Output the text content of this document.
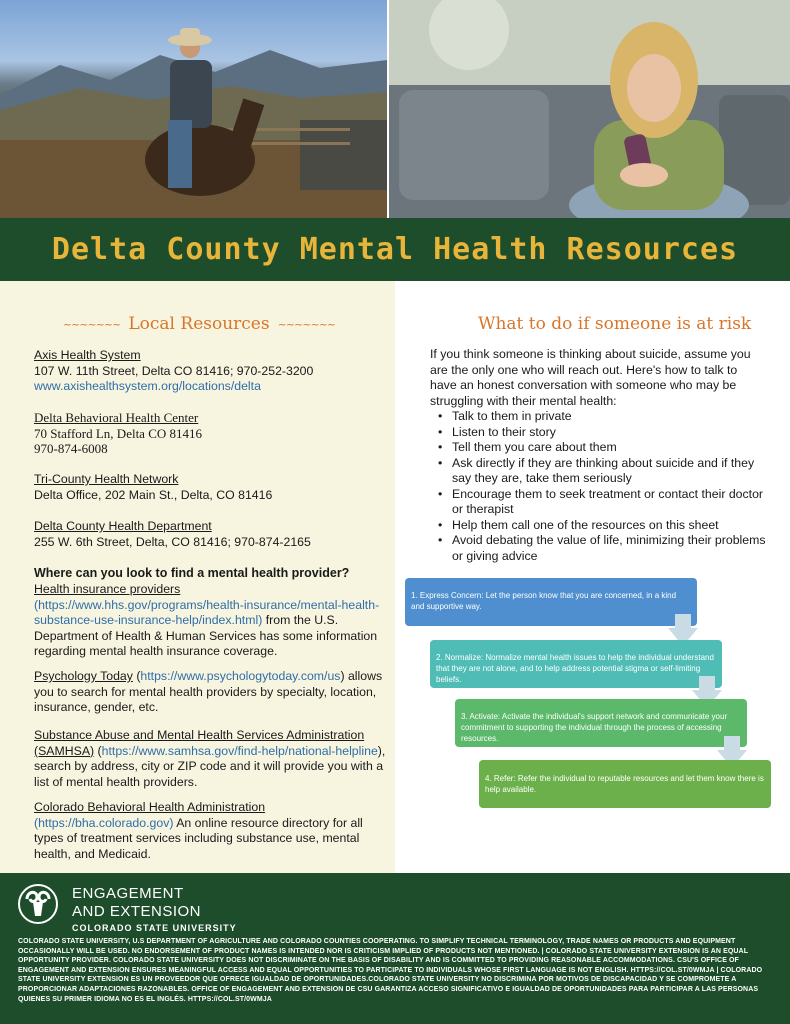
Delta County Mental Health Resources
~~~~~~~ Local Resources ~~~~~~~
Axis Health System
107 W. 11th Street, Delta CO 81416; 970-252-3200
www.axishealthsystem.org/locations/delta
Delta Behavioral Health Center
70 Stafford Ln, Delta CO 81416
970-874-6008
Tri-County Health Network
Delta Office, 202 Main St., Delta, CO 81416
Delta County Health Department
255 W. 6th Street, Delta, CO 81416; 970-874-2165
Where can you look to find a mental health provider?
Health insurance providers
(https://www.hhs.gov/programs/health-insurance/mental-health-substance-use-insurance-help/index.html) from the U.S. Department of Health & Human Services has some information regarding mental health insurance coverage.
Psychology Today (https://www.psychologytoday.com/us) allows you to search for mental health providers by specialty, location, insurance, gender, etc.
Substance Abuse and Mental Health Services Administration (SAMHSA) (https://www.samhsa.gov/find-help/national-helpline), search by address, city or ZIP code and it will provide you with a list of mental health providers.
Colorado Behavioral Health Administration
(https://bha.colorado.gov) An online resource directory for all types of treatment services including substance use, mental health, and Medicaid.
What to do if someone is at risk
If you think someone is thinking about suicide, assume you are the only one who will reach out. Here's how to talk to have an honest conversation with someone who may be struggling with their mental health:
• Talk to them in private
• Listen to their story
• Tell them you care about them
• Ask directly if they are thinking about suicide and if they say they are, take them seriously
• Encourage them to seek treatment or contact their doctor or therapist
• Help them call one of the resources on this sheet
• Avoid debating the value of life, minimizing their problems or giving advice
1. Express Concern: Let the person know that you are concerned, in a kind and supportive way.
2. Normalize: Normalize mental health issues to help the individual understand that they are not alone, and to help address potential stigma or self-limiting beliefs.
3. Activate: Activate the individual's support network and communicate your commitment to supporting the individual through the process of accessing resources.
4. Refer: Refer the individual to reputable resources and let them know there is help available.
ENGAGEMENT
AND EXTENSION
COLORADO STATE UNIVERSITY
COLORADO STATE UNIVERSITY, U.S DEPARTMENT OF AGRICULTURE AND COLORADO COUNTIES COOPERATING. TO SIMPLIFY TECHNICAL TERMINOLOGY, TRADE NAMES OR PRODUCTS AND EQUIPMENT OCCASIONALLY WILL BE USED. NO ENDORSEMENT OF PRODUCT NAMES IS INTENDED NOR IS CRITICISM IMPLIED OF PRODUCTS NOT MENTIONED. | COLORADO STATE UNIVERSITY EXTENSION IS AN EQUAL OPPORTUNITY PROVIDER. COLORADO STATE UNIVERSITY DOES NOT DISCRIMINATE ON THE BASIS OF DISABILITY AND IS COMMITTED TO PROVIDING REASONABLE ACCOMMODATIONS. CSU'S OFFICE OF ENGAGEMENT AND EXTENSION ENSURES MEANINGFUL ACCESS AND EQUAL OPPORTUNITIES TO PARTICIPATE TO INDIVIDUALS WHOSE FIRST LANGUAGE IS NOT ENGLISH. HTTPS://COL.ST/0WMJA | COLORADO STATE UNIVERSITY EXTENSION ES UN PROVEEDOR QUE OFRECE IGUALDAD DE OPORTUNIDADES.COLORADO STATE UNIVERSITY NO DISCRIMINA POR MOTIVOS DE DISCAPACIDAD Y SE COMPROMETE A PROPORCIONAR ADAPTACIONES RAZONABLES. OFFICE OF ENGAGEMENT AND EXTENSION DE CSU GARANTIZA ACCESO SIGNIFICATIVO E IGUALDAD DE OPORTUNIDADES PARA PARTICIPAR A LAS PERSONAS QUIENES SU PRIMER IDIOMA NO ES EL INGLÉS. HTTPS://COL.ST/0WMJA
